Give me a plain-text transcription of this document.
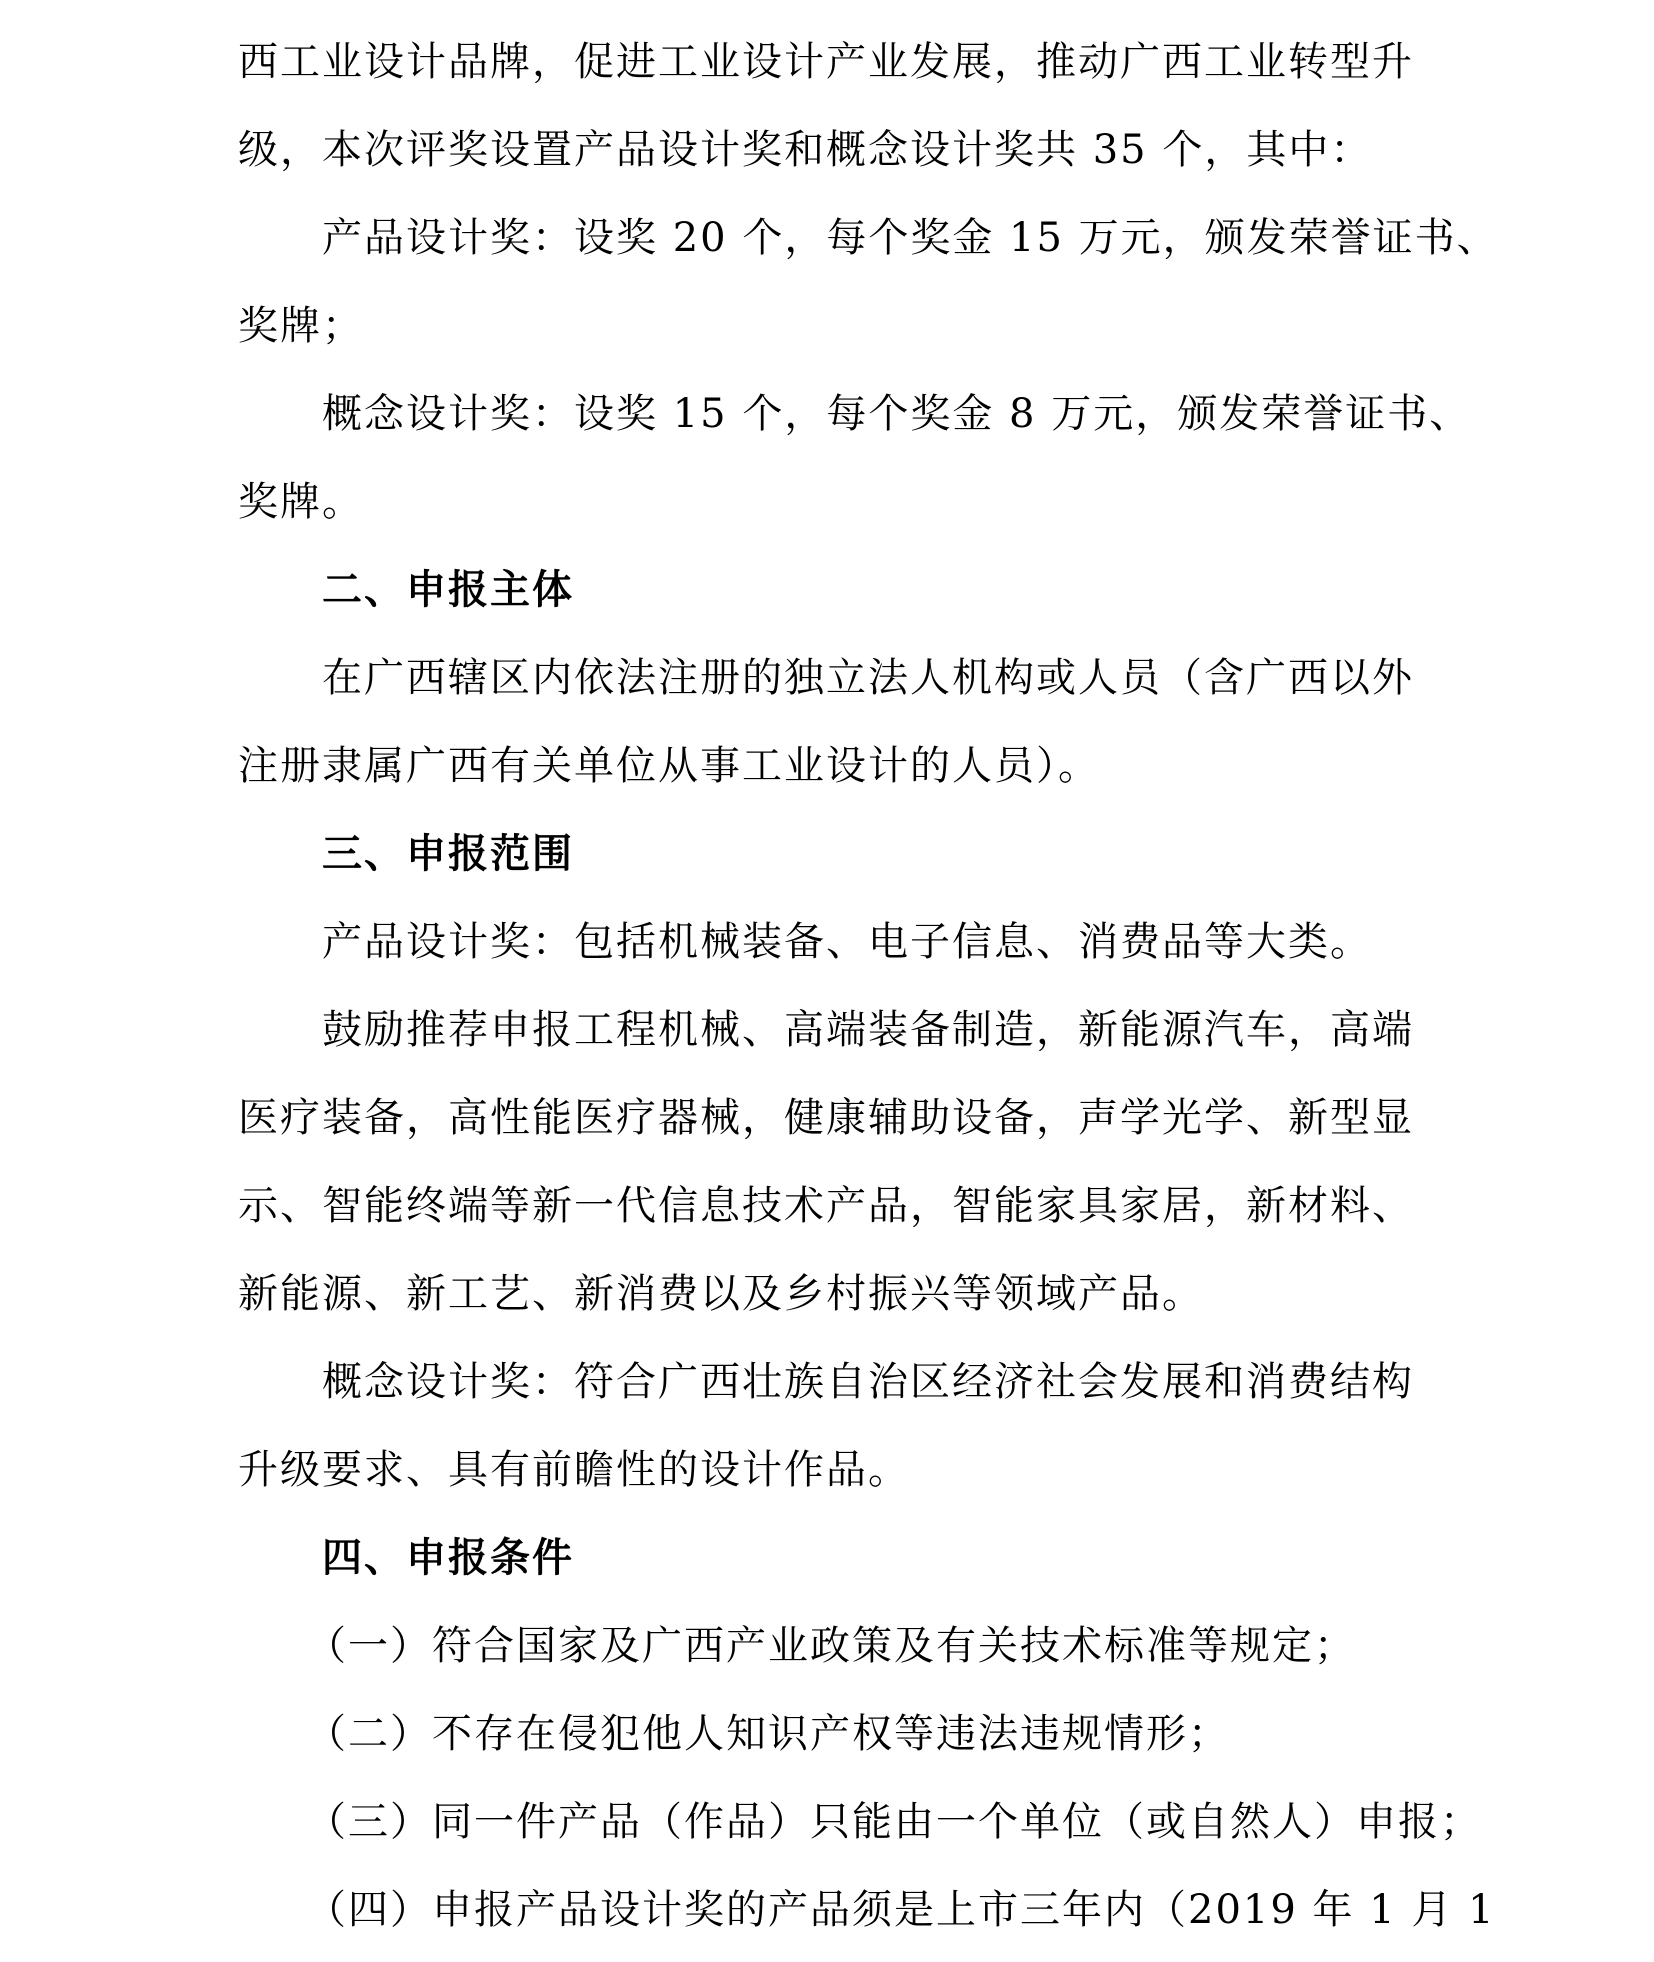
西工业设计品牌，促进工业设计产业发展，推动广西工业转型升
级，本次评奖设置产品设计奖和概念设计奖共 35 个，其中：
产品设计奖：设奖 20 个，每个奖金 15 万元，颁发荣誉证书、
奖牌；
概念设计奖：设奖 15 个，每个奖金 8 万元，颁发荣誉证书、
奖牌。
二、申报主体
在广西辖区内依法注册的独立法人机构或人员（含广西以外
注册隶属广西有关单位从事工业设计的人员）。
三、申报范围
产品设计奖：包括机械装备、电子信息、消费品等大类。
鼓励推荐申报工程机械、高端装备制造，新能源汽车，高端
医疗装备，高性能医疗器械，健康辅助设备，声学光学、新型显
示、智能终端等新一代信息技术产品，智能家具家居，新材料、
新能源、新工艺、新消费以及乡村振兴等领域产品。
概念设计奖：符合广西壮族自治区经济社会发展和消费结构
升级要求、具有前瞻性的设计作品。
四、申报条件
（一）符合国家及广西产业政策及有关技术标准等规定；
（二）不存在侵犯他人知识产权等违法违规情形；
（三）同一件产品（作品）只能由一个单位（或自然人）申报；
（四）申报产品设计奖的产品须是上市三年内（2019 年 1 月 1
